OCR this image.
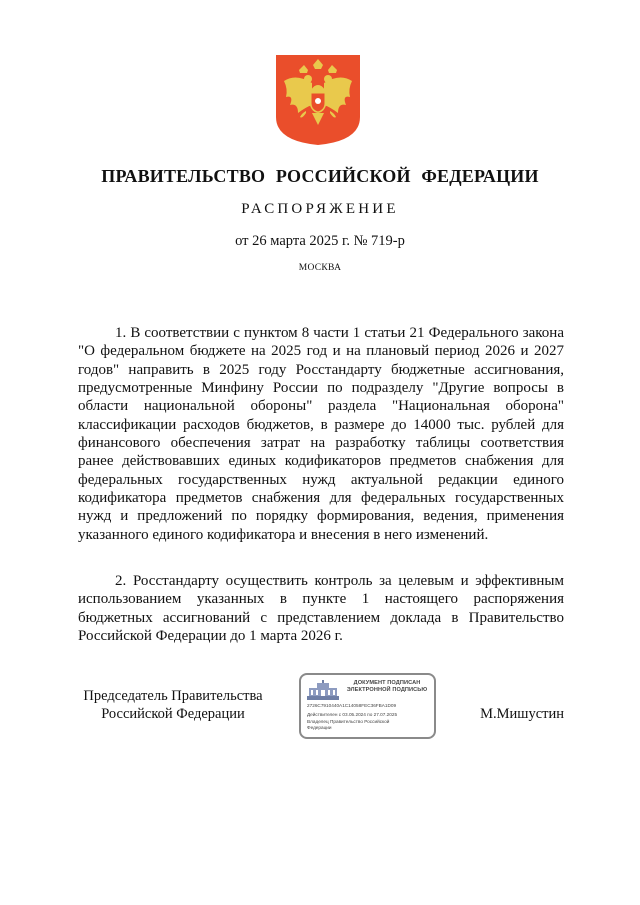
ПРАВИТЕЛЬСТВО РОССИЙСКОЙ ФЕДЕРАЦИИ
РАСПОРЯЖЕНИЕ
от 26 марта 2025 г. № 719-р
МОСКВА
1. В соответствии с пунктом 8 части 1 статьи 21 Федерального закона "О федеральном бюджете на 2025 год и на плановый период 2026 и 2027 годов" направить в 2025 году Росстандарту бюджетные ассигнования, предусмотренные Минфину России по подразделу "Другие вопросы в области национальной обороны" раздела "Национальная оборона" классификации расходов бюджетов, в размере до 14000 тыс. рублей для финансового обеспечения затрат на разработку таблицы соответствия ранее действовавших единых кодификаторов предметов снабжения для федеральных государственных нужд актуальной редакции единого кодификатора предметов снабжения для федеральных государственных нужд и предложений по порядку формирования, ведения, применения указанного единого кодификатора и внесения в него изменений.
2. Росстандарту осуществить контроль за целевым и эффективным использованием указанных в пункте 1 настоящего распоряжения бюджетных ассигнований с представлением доклада в Правительство Российской Федерации до 1 марта 2026 г.
Председатель Правительства
Российской Федерации
ДОКУМЕНТ ПОДПИСАН
ЭЛЕКТРОННОЙ ПОДПИСЬЮ
2726C7910440A1C14058FEC36FBA1D09
Действителен с 03.05.2024 по 27.07.2025
Владелец Правительство Российской
Федерации
М.Мишустин
